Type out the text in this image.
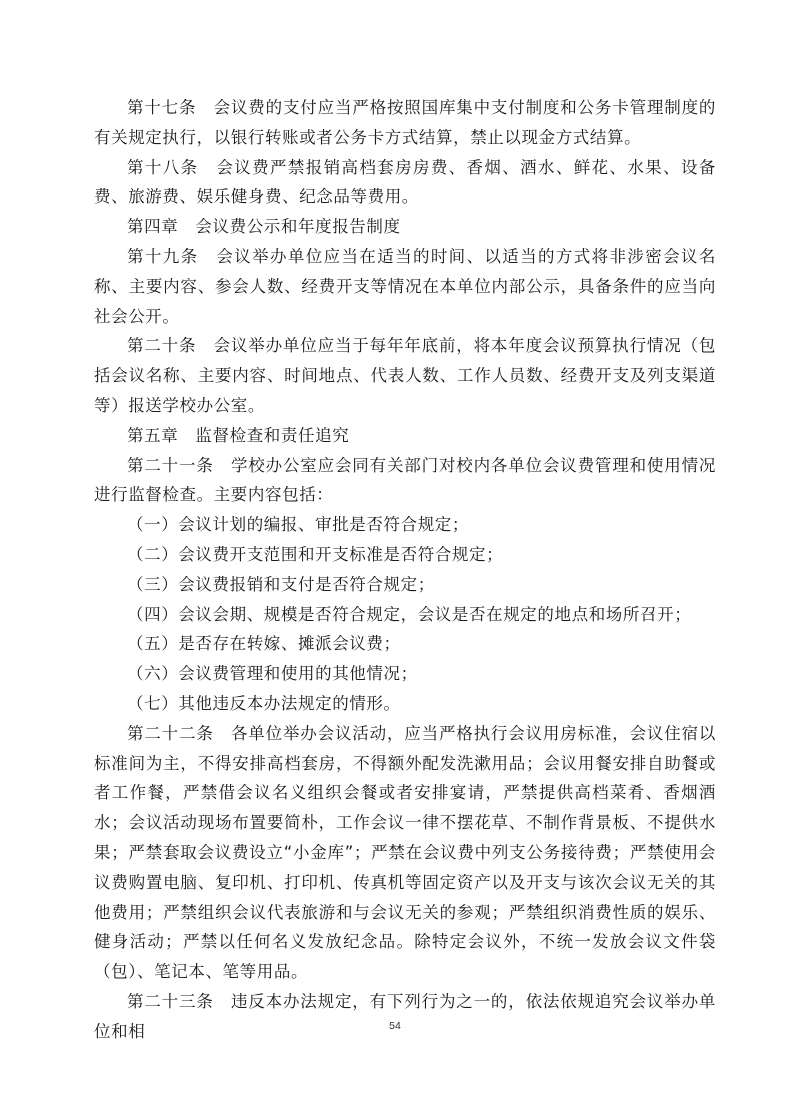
第十七条　会议费的支付应当严格按照国库集中支付制度和公务卡管理制度的有关规定执行，以银行转账或者公务卡方式结算，禁止以现金方式结算。

第十八条　会议费严禁报销高档套房房费、香烟、酒水、鲜花、水果、设备费、旅游费、娱乐健身费、纪念品等费用。

第四章　会议费公示和年度报告制度

第十九条　会议举办单位应当在适当的时间、以适当的方式将非涉密会议名称、主要内容、参会人数、经费开支等情况在本单位内部公示，具备条件的应当向社会公开。

第二十条　会议举办单位应当于每年年底前，将本年度会议预算执行情况（包括会议名称、主要内容、时间地点、代表人数、工作人员数、经费开支及列支渠道等）报送学校办公室。

第五章　监督检查和责任追究

第二十一条　学校办公室应会同有关部门对校内各单位会议费管理和使用情况进行监督检查。主要内容包括：

（一）会议计划的编报、审批是否符合规定；

（二）会议费开支范围和开支标准是否符合规定；

（三）会议费报销和支付是否符合规定；

（四）会议会期、规模是否符合规定，会议是否在规定的地点和场所召开；

（五）是否存在转嫁、摊派会议费；

（六）会议费管理和使用的其他情况；

（七）其他违反本办法规定的情形。

第二十二条　各单位举办会议活动，应当严格执行会议用房标准，会议住宿以标准间为主，不得安排高档套房，不得额外配发洗漱用品；会议用餐安排自助餐或者工作餐，严禁借会议名义组织会餐或者安排宴请，严禁提供高档菜肴、香烟酒水；会议活动现场布置要简朴，工作会议一律不摆花草、不制作背景板、不提供水果；严禁套取会议费设立“小金库”；严禁在会议费中列支公务接待费；严禁使用会议费购置电脑、复印机、打印机、传真机等固定资产以及开支与该次会议无关的其他费用；严禁组织会议代表旅游和与会议无关的参观；严禁组织消费性质的娱乐、健身活动；严禁以任何名义发放纪念品。除特定会议外，不统一发放会议文件袋（包）、笔记本、笔等用品。

第二十三条　违反本办法规定，有下列行为之一的，依法依规追究会议举办单位和相	54
